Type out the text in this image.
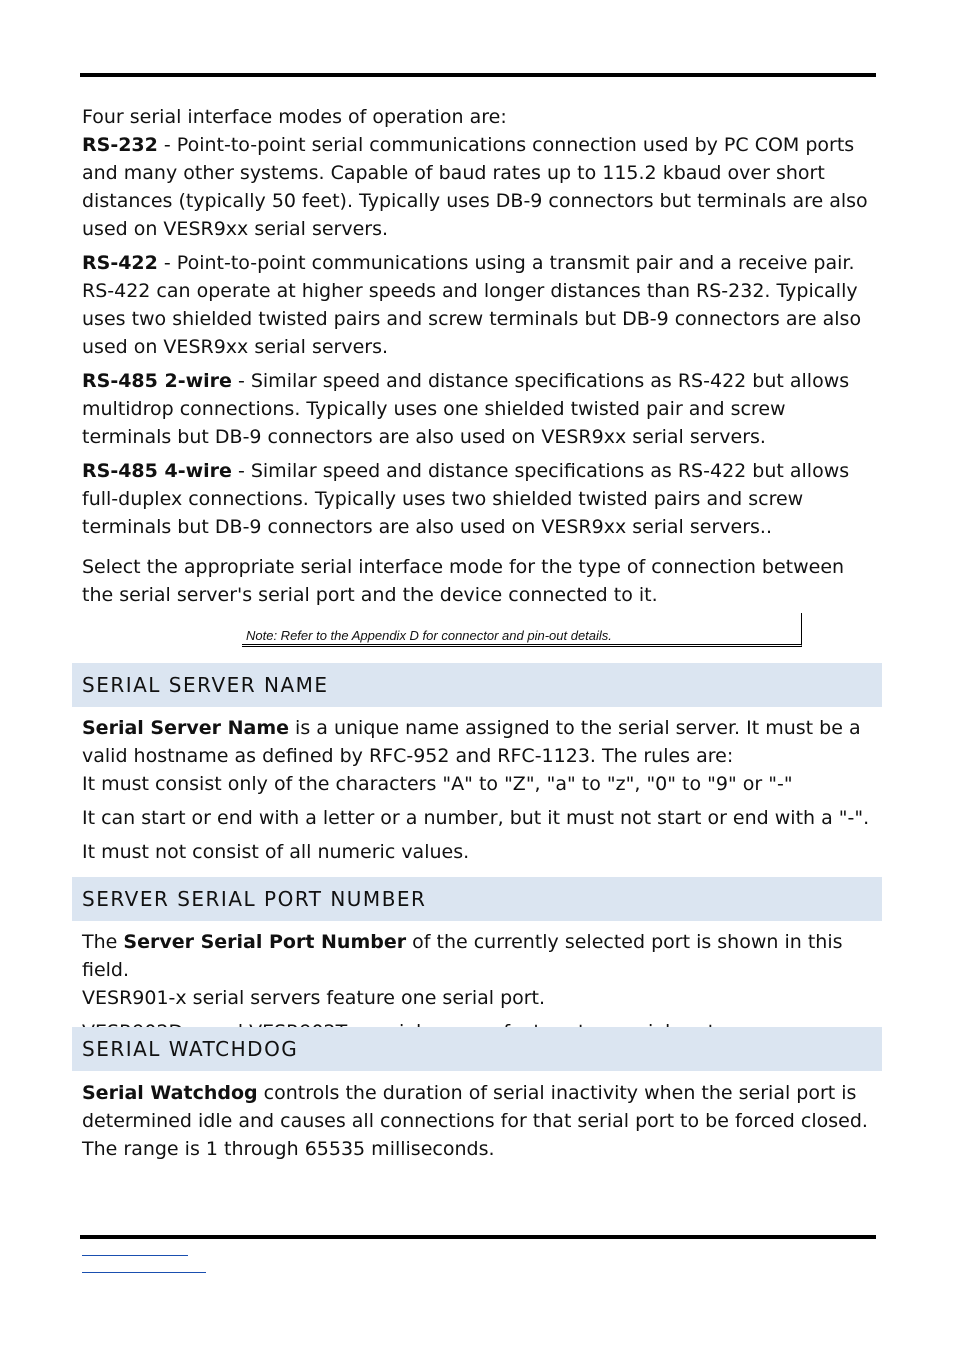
Four serial interface modes of operation are:

RS-232 - Point-to-point serial communications connection used by PC COM ports and many other systems. Capable of baud rates up to 115.2 kbaud over short distances (typically 50 feet). Typically uses DB-9 connectors but terminals are also used on VESR9xx serial servers.

RS-422 - Point-to-point communications using a transmit pair and a receive pair. RS-422 can operate at higher speeds and longer distances than RS-232. Typically uses two shielded twisted pairs and screw terminals but DB-9 connectors are also used on VESR9xx serial servers.

RS-485 2-wire - Similar speed and distance specifications as RS-422 but allows multidrop connections. Typically uses one shielded twisted pair and screw terminals but DB-9 connectors are also used on VESR9xx serial servers.

RS-485 4-wire - Similar speed and distance specifications as RS-422 but allows full-duplex connections. Typically uses two shielded twisted pairs and screw terminals but DB-9 connectors are also used on VESR9xx serial servers..

Select the appropriate serial interface mode for the type of connection between the serial server's serial port and the device connected to it.

Note: Refer to the Appendix D for connector and pin-out details.
SERIAL SERVER NAME

Serial Server Name is a unique name assigned to the serial server. It must be a valid hostname as defined by RFC-952 and RFC-1123. The rules are:

It must consist only of the characters "A" to "Z", "a" to "z", "0" to "9" or "-"

It can start or end with a letter or a number, but it must not start or end with a "-".

It must not consist of all numeric values.

SERVER SERIAL PORT NUMBER

The Server Serial Port Number of the currently selected port is shown in this field.

VESR901-x serial servers feature one serial port.

SERIAL WATCHDOG

Serial Watchdog controls the duration of serial inactivity when the serial port is determined idle and causes all connections for that serial port to be forced closed. The range is 1 through 65535 milliseconds.
